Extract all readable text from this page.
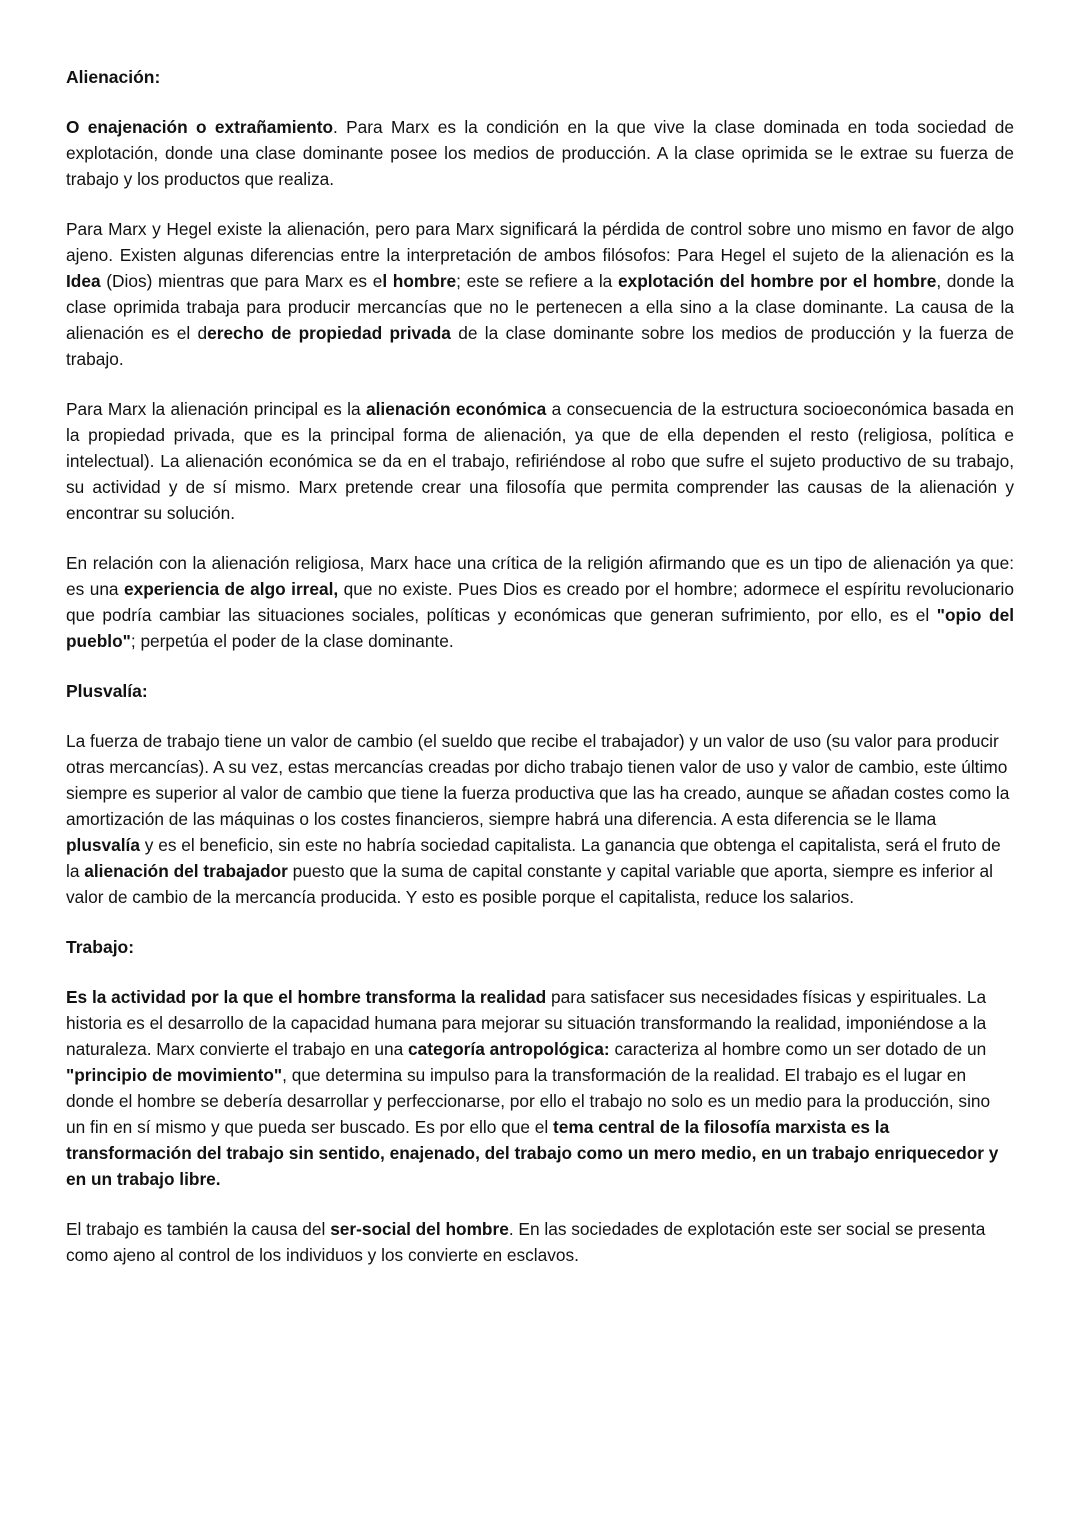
Alienación:
O enajenación o extrañamiento. Para Marx es la condición en la que vive la clase dominada en toda sociedad de explotación, donde una clase dominante posee los medios de producción. A la clase oprimida se le extrae su fuerza de trabajo y los productos que realiza.
Para Marx y Hegel existe la alienación, pero para Marx significará la pérdida de control sobre uno mismo en favor de algo ajeno. Existen algunas diferencias entre la interpretación de ambos filósofos: Para Hegel el sujeto de la alienación es la Idea (Dios) mientras que para Marx es el hombre; este se refiere a la explotación del hombre por el hombre, donde la clase oprimida trabaja para producir mercancías que no le pertenecen a ella sino a la clase dominante. La causa de la alienación es el derecho de propiedad privada de la clase dominante sobre los medios de producción y la fuerza de trabajo.
Para Marx la alienación principal es la alienación económica a consecuencia de la estructura socioeconómica basada en la propiedad privada, que es la principal forma de alienación, ya que de ella dependen el resto (religiosa, política e intelectual). La alienación económica se da en el trabajo, refiriéndose al robo que sufre el sujeto productivo de su trabajo, su actividad y de sí mismo. Marx pretende crear una filosofía que permita comprender las causas de la alienación y encontrar su solución.
En relación con la alienación religiosa, Marx hace una crítica de la religión afirmando que es un tipo de alienación ya que: es una experiencia de algo irreal, que no existe. Pues Dios es creado por el hombre; adormece el espíritu revolucionario que podría cambiar las situaciones sociales, políticas y económicas que generan sufrimiento, por ello, es el "opio del pueblo"; perpetúa el poder de la clase dominante.
Plusvalía:
La fuerza de trabajo tiene un valor de cambio (el sueldo que recibe el trabajador) y un valor de uso (su valor para producir otras mercancías). A su vez, estas mercancías creadas por dicho trabajo tienen valor de uso y valor de cambio, este último siempre es superior al valor de cambio que tiene la fuerza productiva que las ha creado, aunque se añadan costes como la amortización de las máquinas o los costes financieros, siempre habrá una diferencia. A esta diferencia se le llama plusvalía y es el beneficio, sin este no habría sociedad capitalista. La ganancia que obtenga el capitalista, será el fruto de la alienación del trabajador puesto que la suma de capital constante y capital variable que aporta, siempre es inferior al valor de cambio de la mercancía producida. Y esto es posible porque el capitalista, reduce los salarios.
Trabajo:
Es la actividad por la que el hombre transforma la realidad para satisfacer sus necesidades físicas y espirituales. La historia es el desarrollo de la capacidad humana para mejorar su situación transformando la realidad, imponiéndose a la naturaleza. Marx convierte el trabajo en una categoría antropológica: caracteriza al hombre como un ser dotado de un "principio de movimiento", que determina su impulso para la transformación de la realidad. El trabajo es el lugar en donde el hombre se debería desarrollar y perfeccionarse, por ello el trabajo no solo es un medio para la producción, sino un fin en sí mismo y que pueda ser buscado. Es por ello que el tema central de la filosofía marxista es la transformación del trabajo sin sentido, enajenado, del trabajo como un mero medio, en un trabajo enriquecedor y en un trabajo libre.
El trabajo es también la causa del ser-social del hombre. En las sociedades de explotación este ser social se presenta como ajeno al control de los individuos y los convierte en esclavos.
